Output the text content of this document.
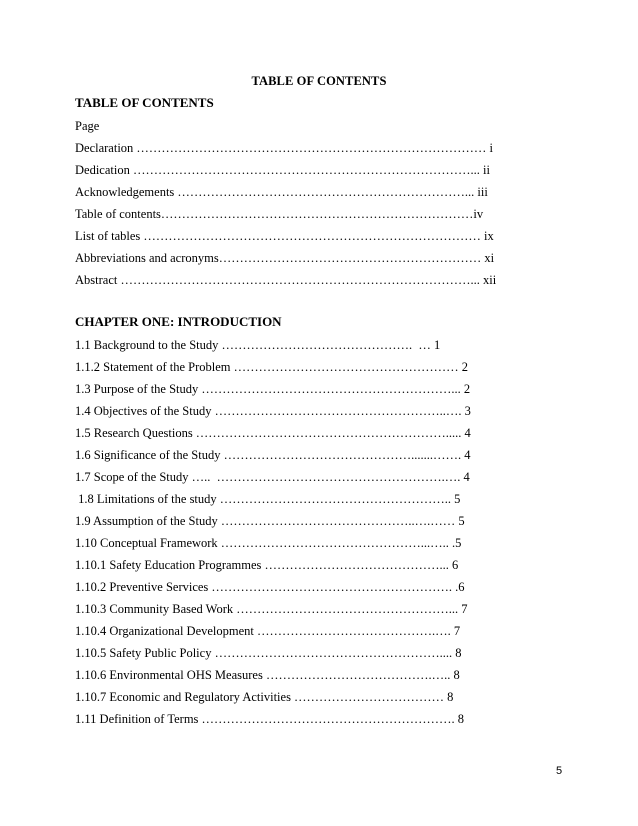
TABLE OF CONTENTS
TABLE OF CONTENTS
Page
Declaration ………………………………………………………………………… i
Dedication ………………………………………………………………………... ii
Acknowledgements ……………………………………………………………... iii
Table of contents…………………………………………………………………iv
List of tables ……………………………………………………………………… ix
Abbreviations and acronyms……………………………………………………… xi
Abstract …………………………………………………………………………... xii
CHAPTER ONE: INTRODUCTION
1.1 Background to the Study ……………………………………….  … 1
1.1.2 Statement of the Problem ……………………………………………… 2
1.3 Purpose of the Study ……………………………………………………... 2
1.4 Objectives of the Study ………………………………………………..…. 3
1.5 Research Questions ……………………………………………………..... 4
1.6 Significance of the Study ……………………………………….......……. 4
1.7 Scope of the Study …..  ……………………………………………….…. 4
1.8 Limitations of the study ……………………………………………….. 5
1.9 Assumption of the Study ………………………………………..….…… 5
1.10 Conceptual Framework …………………………………………...….. .5
1.10.1 Safety Education Programmes ……………………………………... 6
1.10.2 Preventive Services …………………………………………………. .6
1.10.3 Community Based Work ……………………………………………... 7
1.10.4 Organizational Development …………………………………….…. 7
1.10.5 Safety Public Policy ……………………………………………….... 8
1.10.6 Environmental OHS Measures ………………………………….….. 8
1.10.7 Economic and Regulatory Activities ……………………………… 8
1.11 Definition of Terms ……………………………………………………. 8
5
